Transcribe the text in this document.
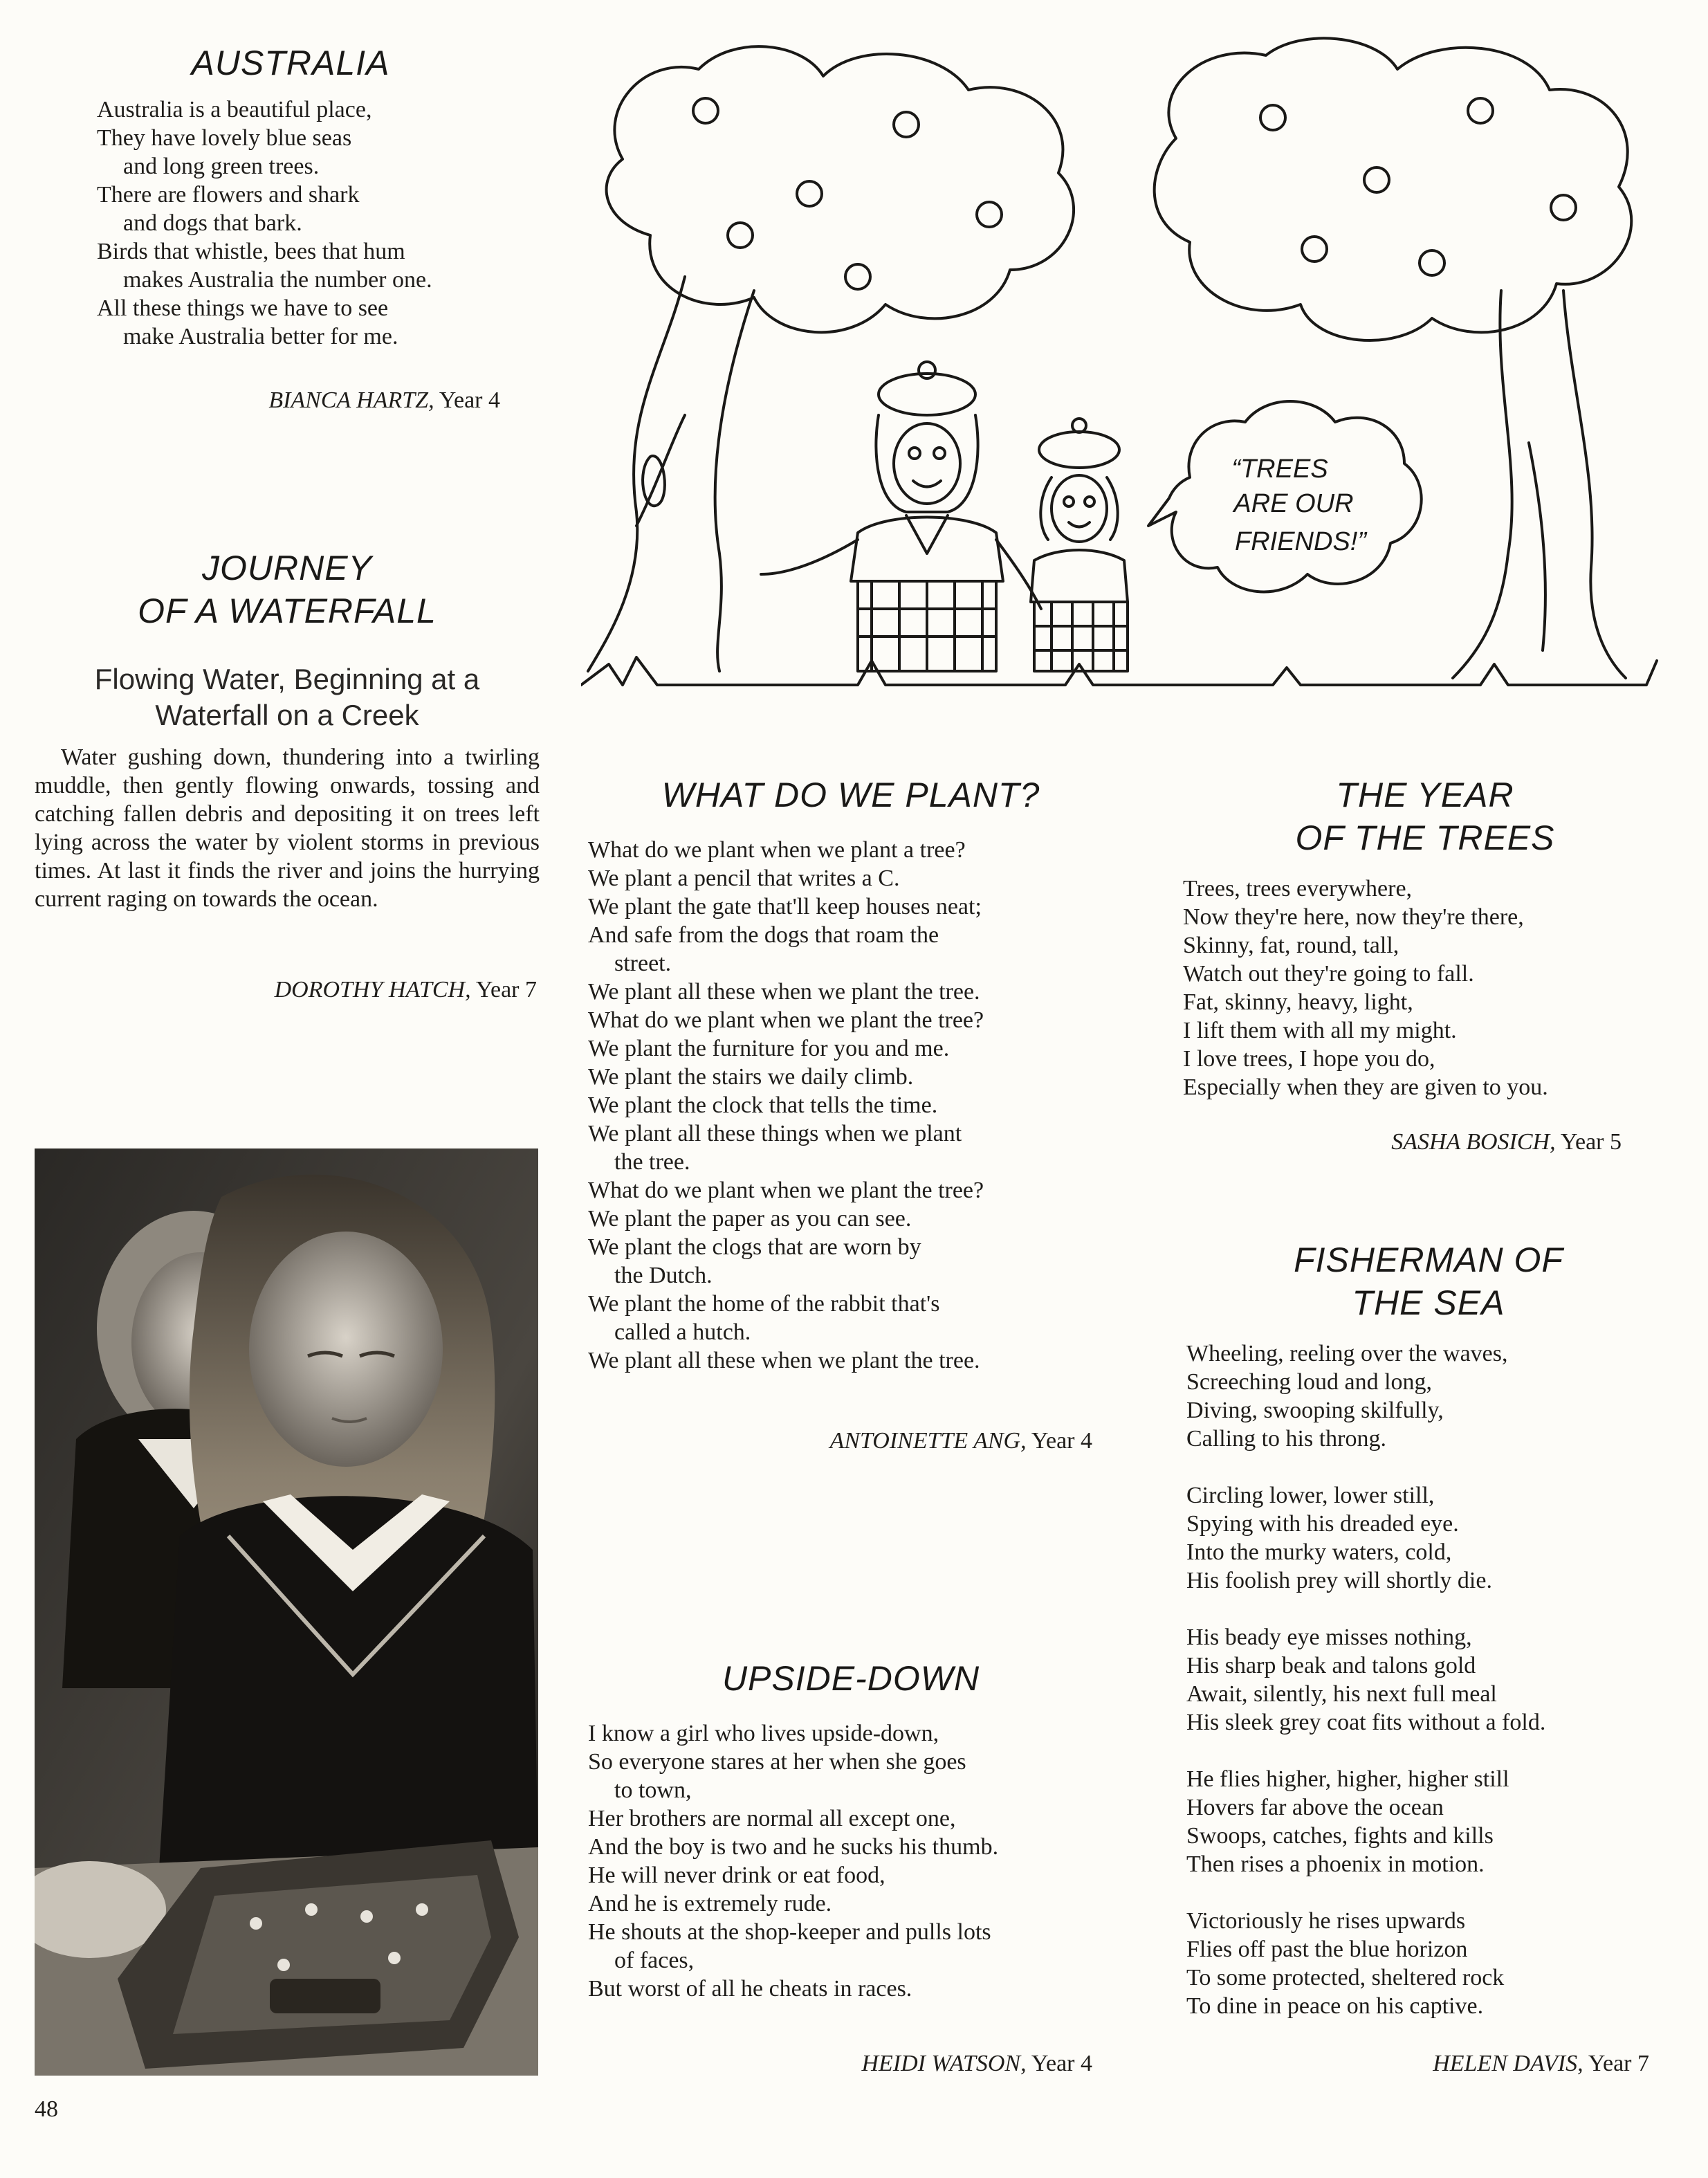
AUSTRALIA
Australia is a beautiful place,
They have lovely blue seas
and long green trees.
There are flowers and shark
and dogs that bark.
Birds that whistle, bees that hum
makes Australia the number one.
All these things we have to see
make Australia better for me.
BIANCA HARTZ, Year 4
JOURNEY
OF A WATERFALL
Flowing Water, Beginning at a
Waterfall on a Creek

Water gushing down, thundering into a twirling muddle, then gently flowing onwards, tossing and catching fallen debris and depositing it on trees left lying across the water by violent storms in previous times. At last it finds the river and joins the hurrying current raging on towards the ocean.

DOROTHY HATCH, Year 7
“TREES
ARE OUR
FRIENDS!”
WHAT DO WE PLANT?
What do we plant when we plant a tree?
We plant a pencil that writes a C.
We plant the gate that'll keep houses neat;
And safe from the dogs that roam the
street.
We plant all these when we plant the tree.
What do we plant when we plant the tree?
We plant the furniture for you and me.
We plant the stairs we daily climb.
We plant the clock that tells the time.
We plant all these things when we plant
the tree.
What do we plant when we plant the tree?
We plant the paper as you can see.
We plant the clogs that are worn by
the Dutch.
We plant the home of the rabbit that's
called a hutch.
We plant all these when we plant the tree.
ANTOINETTE ANG, Year 4
UPSIDE-DOWN
I know a girl who lives upside-down,
So everyone stares at her when she goes
to town,
Her brothers are normal all except one,
And the boy is two and he sucks his thumb.
He will never drink or eat food,
And he is extremely rude.
He shouts at the shop-keeper and pulls lots
of faces,
But worst of all he cheats in races.
HEIDI WATSON, Year 4
THE YEAR
OF THE TREES
Trees, trees everywhere,
Now they're here, now they're there,
Skinny, fat, round, tall,
Watch out they're going to fall.
Fat, skinny, heavy, light,
I lift them with all my might.
I love trees, I hope you do,
Especially when they are given to you.
SASHA BOSICH, Year 5
FISHERMAN OF
THE SEA
Wheeling, reeling over the waves,
Screeching loud and long,
Diving, swooping skilfully,
Calling to his throng.
Circling lower, lower still,
Spying with his dreaded eye.
Into the murky waters, cold,
His foolish prey will shortly die.
His beady eye misses nothing,
His sharp beak and talons gold
Await, silently, his next full meal
His sleek grey coat fits without a fold.
He flies higher, higher, higher still
Hovers far above the ocean
Swoops, catches, fights and kills
Then rises a phoenix in motion.
Victoriously he rises upwards
Flies off past the blue horizon
To some protected, sheltered rock
To dine in peace on his captive.
HELEN DAVIS, Year 7
48
